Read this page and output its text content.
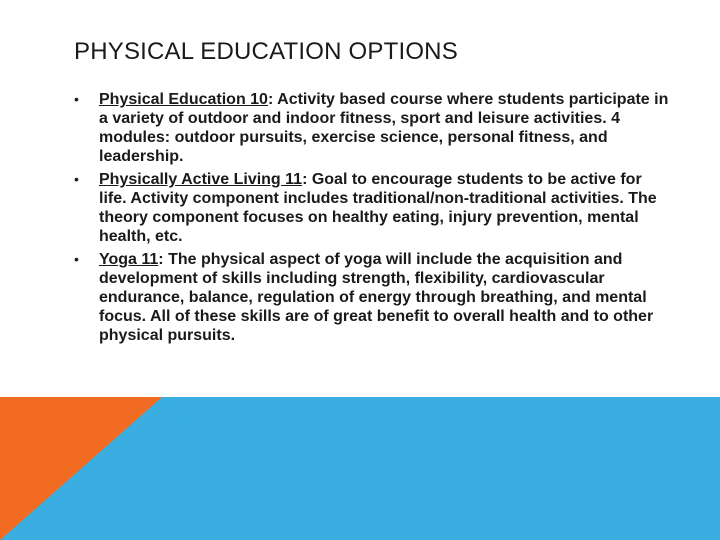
PHYSICAL EDUCATION OPTIONS
• Physical Education 10: Activity based course where students participate in a variety of outdoor and indoor fitness, sport and leisure activities. 4 modules: outdoor pursuits, exercise science, personal fitness, and leadership.
• Physically Active Living 11: Goal to encourage students to be active for life. Activity component includes traditional/non-traditional activities. The theory component focuses on healthy eating, injury prevention, mental health, etc.
• Yoga 11: The physical aspect of yoga will include the acquisition and development of skills including strength, flexibility, cardiovascular endurance, balance, regulation of energy through breathing, and mental focus. All of these skills are of great benefit to overall health and to other physical pursuits.
